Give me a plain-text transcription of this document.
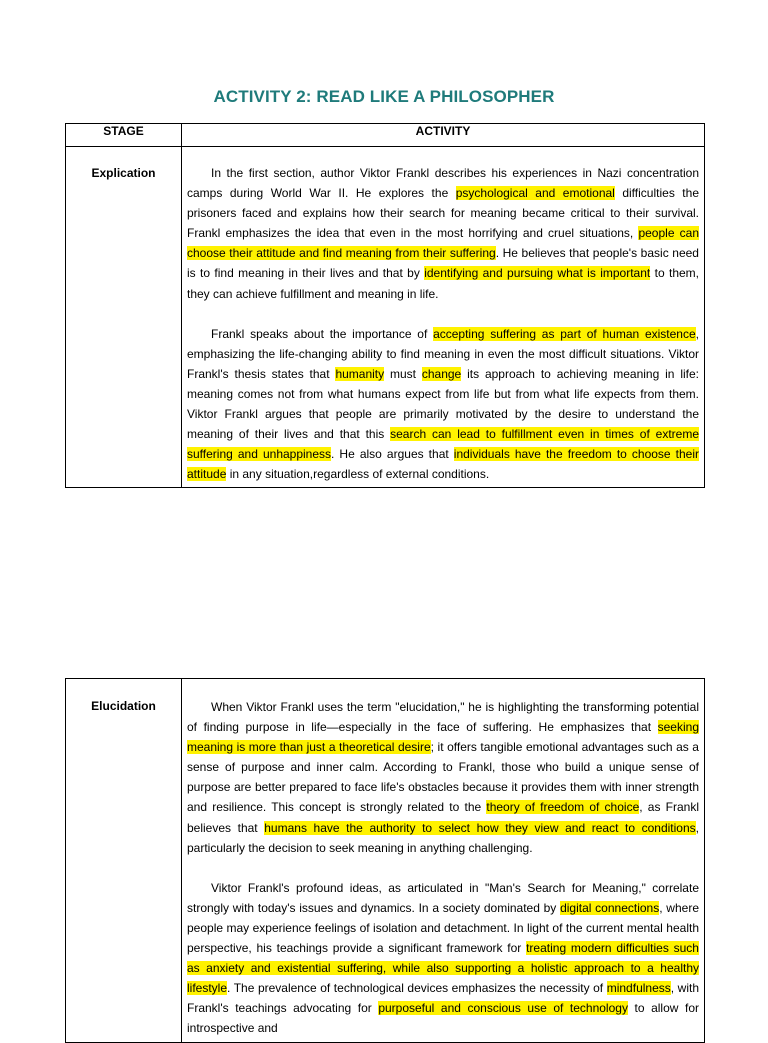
ACTIVITY 2: READ LIKE A PHILOSOPHER
STAGE	ACTIVITY
Explication	In the first section, author Viktor Frankl describes his experiences in Nazi concentration camps during World War II. He explores the psychological and emotional difficulties the prisoners faced and explains how their search for meaning became critical to their survival. Frankl emphasizes the idea that even in the most horrifying and cruel situations, people can choose their attitude and find meaning from their suffering. He believes that people's basic need is to find meaning in their lives and that by identifying and pursuing what is important to them, they can achieve fulfillment and meaning in life.

Frankl speaks about the importance of accepting suffering as part of human existence, emphasizing the life-changing ability to find meaning in even the most difficult situations. Viktor Frankl's thesis states that humanity must change its approach to achieving meaning in life: meaning comes not from what humans expect from life but from what life expects from them. Viktor Frankl argues that people are primarily motivated by the desire to understand the meaning of their lives and that this search can lead to fulfillment even in times of extreme suffering and unhappiness. He also argues that individuals have the freedom to choose their attitude in any situation,regardless of external conditions.

Elucidation	When Viktor Frankl uses the term "elucidation," he is highlighting the transforming potential of finding purpose in life—especially in the face of suffering. He emphasizes that seeking meaning is more than just a theoretical desire; it offers tangible emotional advantages such as a sense of purpose and inner calm. According to Frankl, those who build a unique sense of purpose are better prepared to face life's obstacles because it provides them with inner strength and resilience. This concept is strongly related to the theory of freedom of choice, as Frankl believes that humans have the authority to select how they view and react to conditions, particularly the decision to seek meaning in anything challenging.

Viktor Frankl's profound ideas, as articulated in "Man's Search for Meaning," correlate strongly with today's issues and dynamics. In a society dominated by digital connections, where people may experience feelings of isolation and detachment. In light of the current mental health perspective, his teachings provide a significant framework for treating modern difficulties such as anxiety and existential suffering, while also supporting a holistic approach to a healthy lifestyle. The prevalence of technological devices emphasizes the necessity of mindfulness, with Frankl's teachings advocating for purposeful and conscious use of technology to allow for introspective and
